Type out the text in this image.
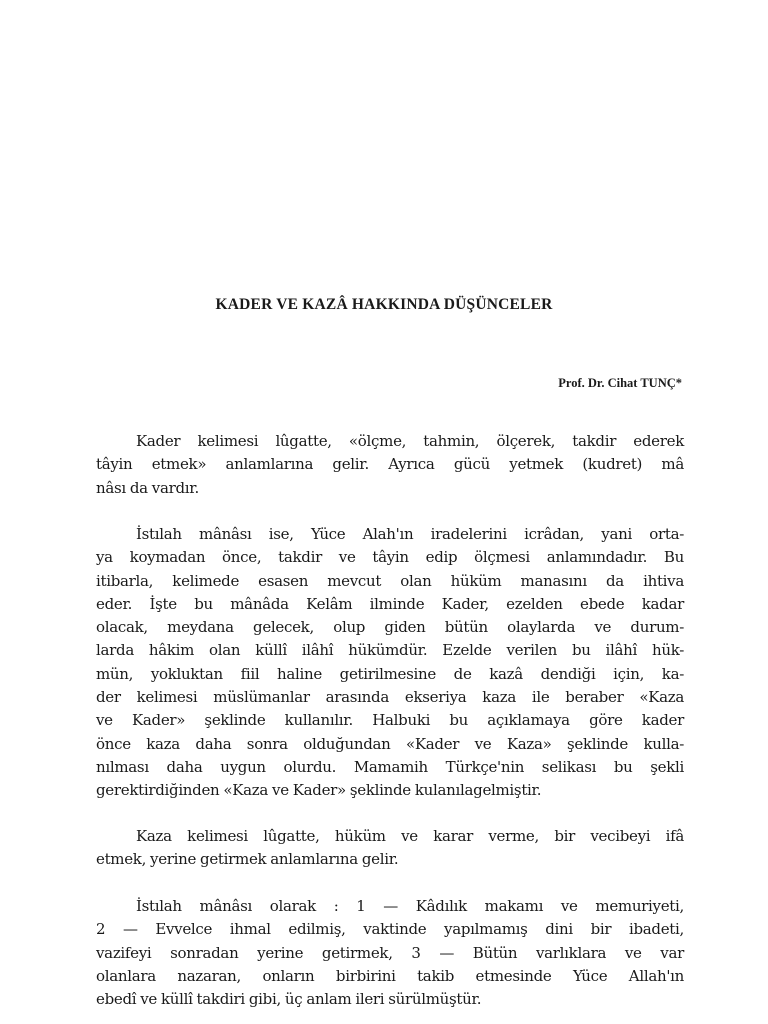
KADER VE KAZÂ HAKKINDA DÜŞÜNCELER
Prof. Dr. Cihat TUNÇ*
Kader kelimesi lûgatte, «ölçme, tahmin, ölçerek, takdir ederek
tâyin etmek» anlamlarına gelir. Ayrıca gücü yetmek (kudret) mâ
nâsı da vardır.
İstılah mânâsı ise, Yüce Alah'ın iradelerini icrâdan, yani orta-
ya koymadan önce, takdir ve tâyin edip ölçmesi anlamındadır. Bu
itibarla, kelimede esasen mevcut olan hüküm manasını da ihtiva
eder. İşte bu mânâda Kelâm ilminde Kader, ezelden ebede kadar
olacak, meydana gelecek, olup giden bütün olaylarda ve durum-
larda hâkim olan küllî ilâhî hükümdür. Ezelde verilen bu ilâhî hük-
mün, yokluktan fiil haline getirilmesine de kazâ dendiği için, ka-
der kelimesi müslümanlar arasında ekseriya kaza ile beraber «Kaza
ve Kader» şeklinde kullanılır. Halbuki bu açıklamaya göre kader
önce kaza daha sonra olduğundan «Kader ve Kaza» şeklinde kulla-
nılması daha uygun olurdu. Mamamih Türkçe'nin selikası bu şekli
gerektirdiğinden «Kaza ve Kader» şeklinde kulanılagelmiştir.
Kaza kelimesi lûgatte, hüküm ve karar verme, bir vecibeyi ifâ
etmek, yerine getirmek anlamlarına gelir.
İstılah mânâsı olarak : 1 — Kâdılık makamı ve memuriyeti,
2 — Evvelce ihmal edilmiş, vaktinde yapılmamış dini bir ibadeti,
vazifeyi sonradan yerine getirmek, 3 — Bütün varlıklara ve var
olanlara nazaran, onların birbirini takib etmesinde Yüce Allah'ın
ebedî ve küllî takdiri gibi, üç anlam ileri sürülmüştür.
